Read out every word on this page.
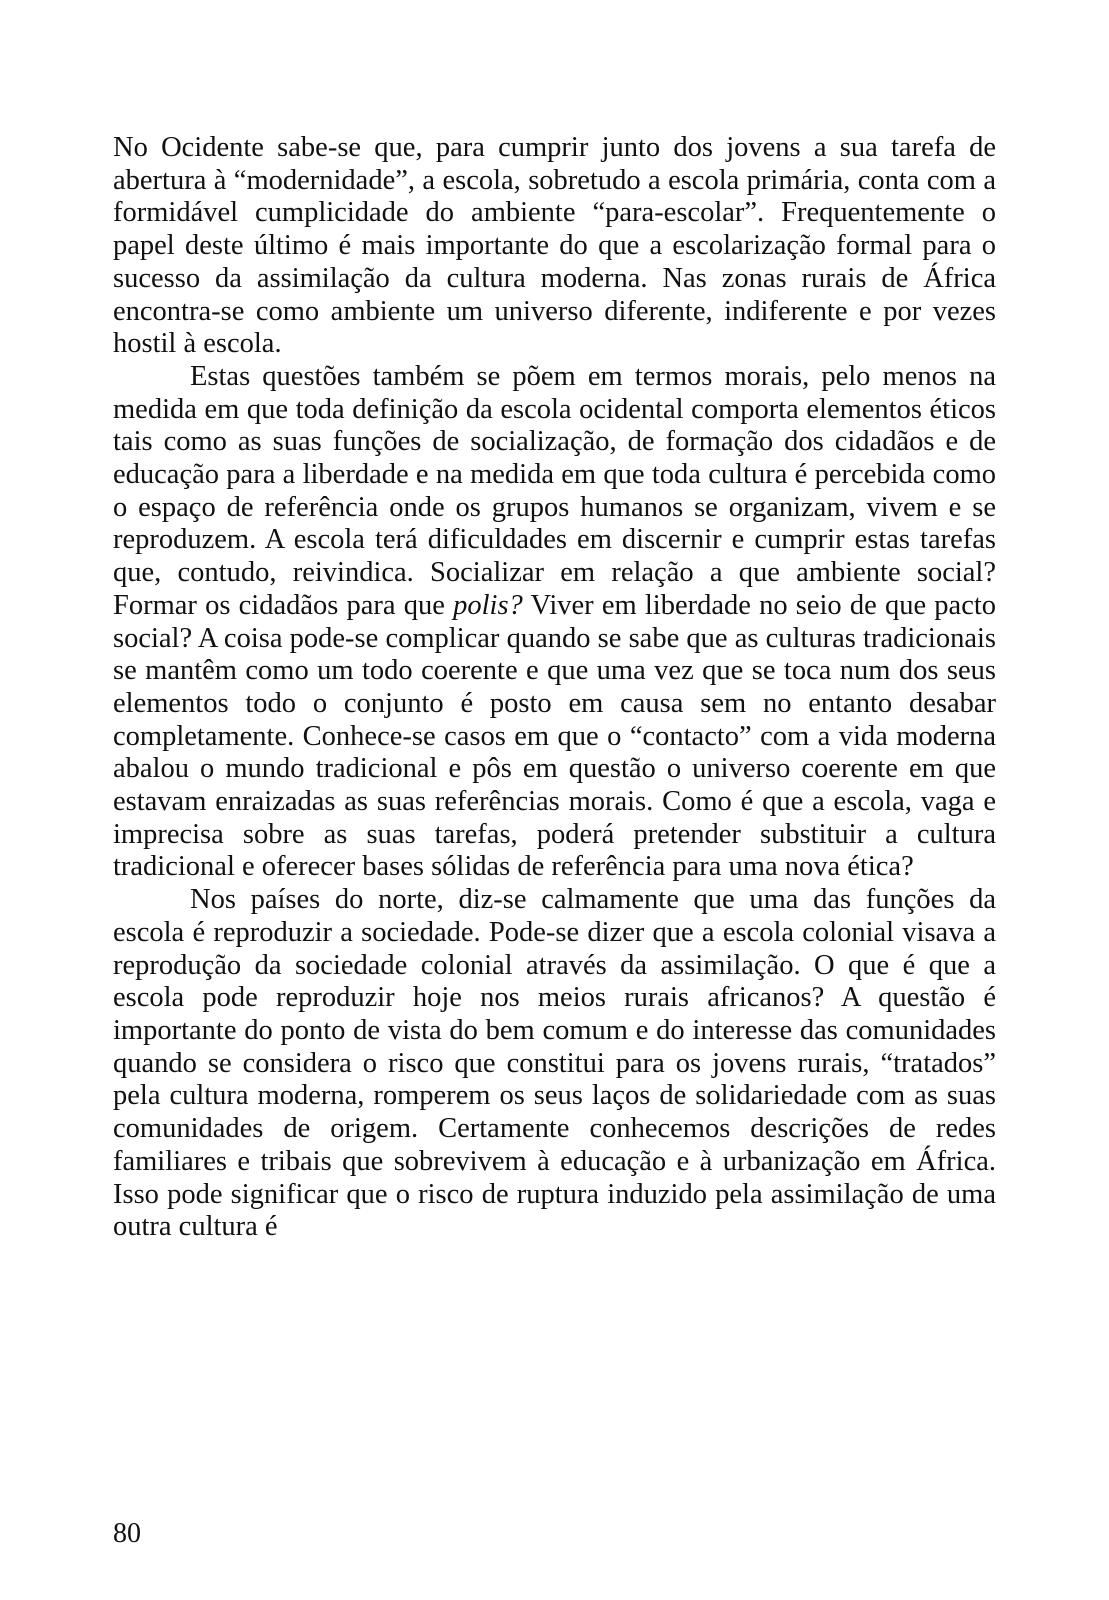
No Ocidente sabe-se que, para cumprir junto dos jovens a sua tarefa de abertura à “modernidade”, a escola, sobretudo a escola primária, conta com a formidável cumplicidade do ambiente “para-escolar”. Frequentemente o papel deste último é mais importante do que a escolarização formal para o sucesso da assimilação da cultura moderna. Nas zonas rurais de África encontra-se como ambiente um universo diferente, indiferente e por vezes hostil à escola.

Estas questões também se põem em termos morais, pelo menos na medida em que toda definição da escola ocidental comporta elementos éticos tais como as suas funções de socialização, de formação dos cidadãos e de educação para a liberdade e na medida em que toda cultura é percebida como o espaço de referência onde os grupos humanos se organizam, vivem e se reproduzem. A escola terá dificuldades em discernir e cumprir estas tarefas que, contudo, reivindica. Socializar em relação a que ambiente social? Formar os cidadãos para que polis? Viver em liberdade no seio de que pacto social? A coisa pode-se complicar quando se sabe que as culturas tradicionais se mantêm como um todo coerente e que uma vez que se toca num dos seus elementos todo o conjunto é posto em causa sem no entanto desabar completamente. Conhece-se casos em que o “contacto” com a vida moderna abalou o mundo tradicional e pôs em questão o universo coerente em que estavam enraizadas as suas referências morais. Como é que a escola, vaga e imprecisa sobre as suas tarefas, poderá pretender substituir a cultura tradicional e oferecer bases sólidas de referência para uma nova ética?

Nos países do norte, diz-se calmamente que uma das funções da escola é reproduzir a sociedade. Pode-se dizer que a escola colonial visava a reprodução da sociedade colonial através da assimilação. O que é que a escola pode reproduzir hoje nos meios rurais africanos? A questão é importante do ponto de vista do bem comum e do interesse das comunidades quando se considera o risco que constitui para os jovens rurais, “tratados” pela cultura moderna, romperem os seus laços de solidariedade com as suas comunidades de origem. Certamente conhecemos descrições de redes familiares e tribais que sobrevivem à educação e à urbanização em África. Isso pode significar que o risco de ruptura induzido pela assimilação de uma outra cultura é

80
